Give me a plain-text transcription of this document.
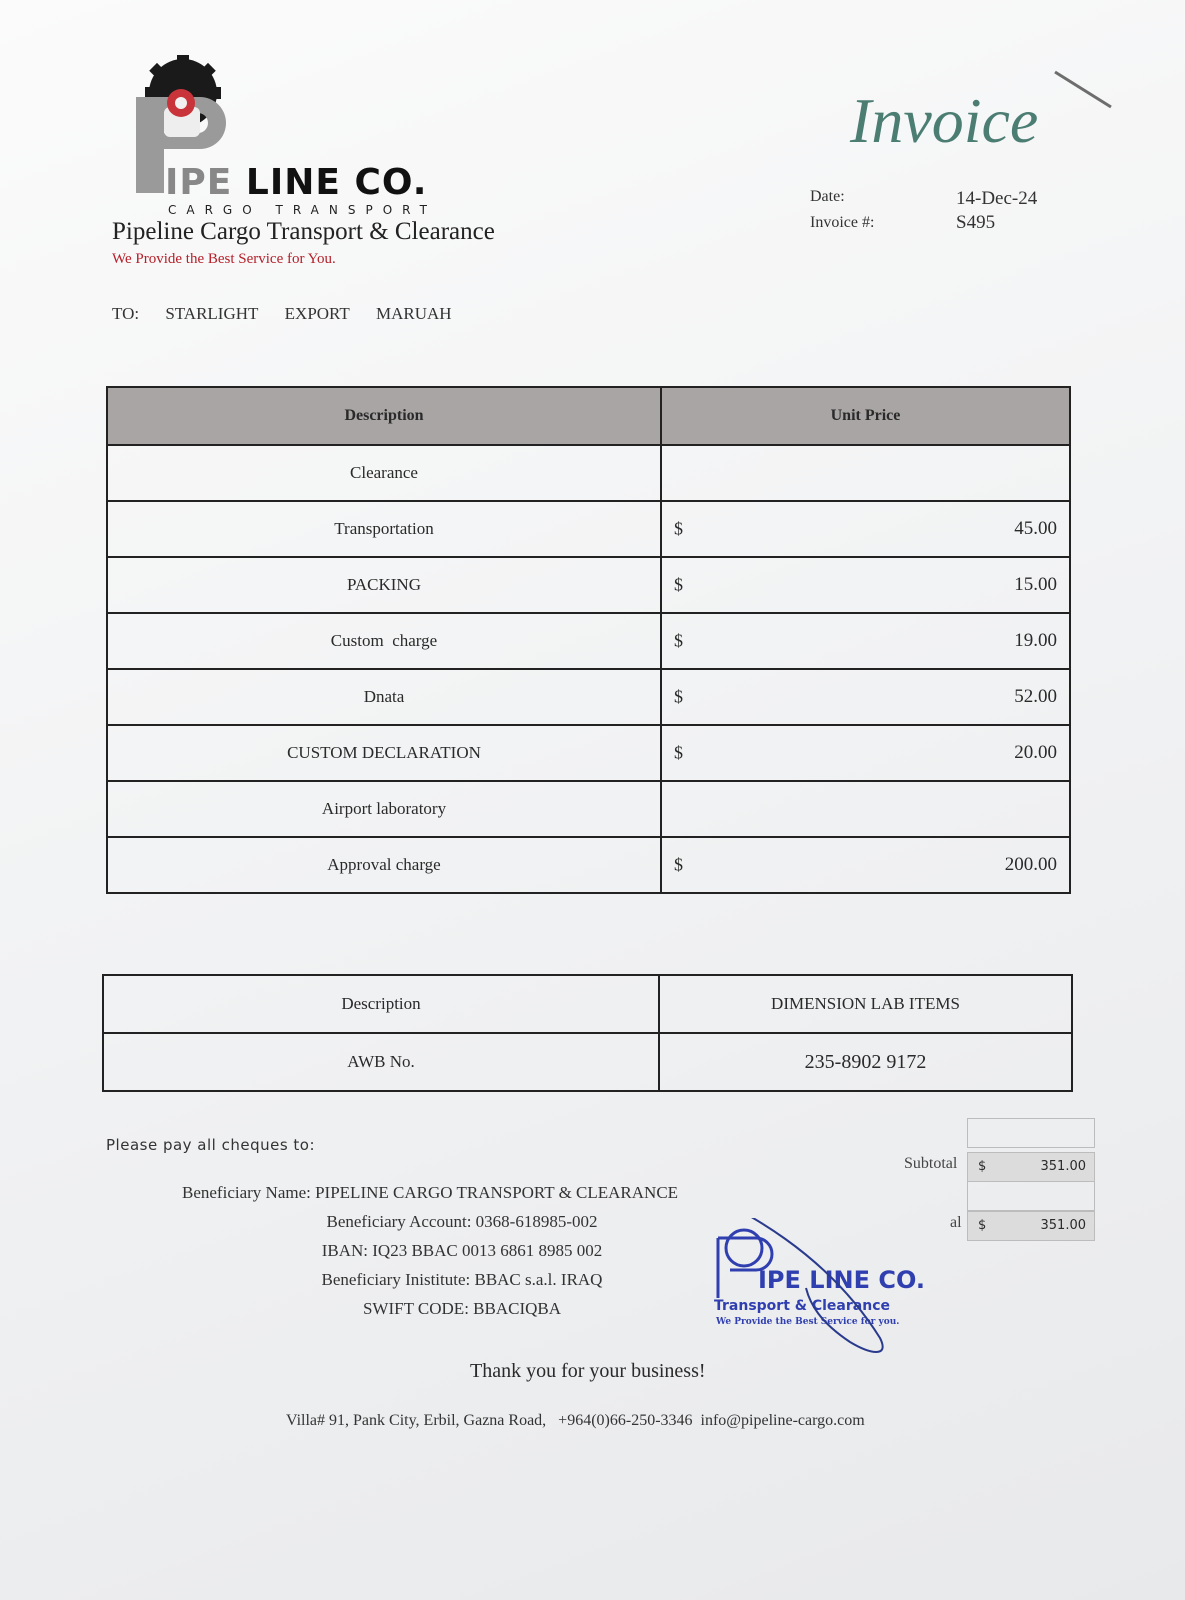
IPE LINE CO.
CARGO TRANSPORT
Pipeline Cargo Transport & Clearance
We Provide the Best Service for You.
Invoice
Date:	14-Dec-24
Invoice #:	S495
TO: STARLIGHT EXPORT MARUAH
Description	Unit Price
Clearance	

Transportation	$ 45.00

PACKING	$ 15.00

Custom  charge	$ 19.00

Dnata	$ 52.00

CUSTOM DECLARATION	$ 20.00

Airport laboratory	

Approval charge	$ 200.00
Description	DIMENSION LAB ITEMS
AWB No.	235-8902 9172
Please pay all cheques to:
Beneficiary Name: PIPELINE CARGO TRANSPORT & CLEARANCE
Beneficiary Account: 0368-618985-002
IBAN: IQ23 BBAC 0013 6861 8985 002
Beneficiary Inistitute: BBAC s.a.l. IRAQ
SWIFT CODE: BBACIQBA
Subtotal $	351.00
al $	351.00
IPE LINE CO.
Transport & Clearance
We Provide the Best Service for you.
Thank you for your business!
Villa# 91, Pank City, Erbil, Gazna Road,   +964(0)66-250-3346  info@pipeline-cargo.com
